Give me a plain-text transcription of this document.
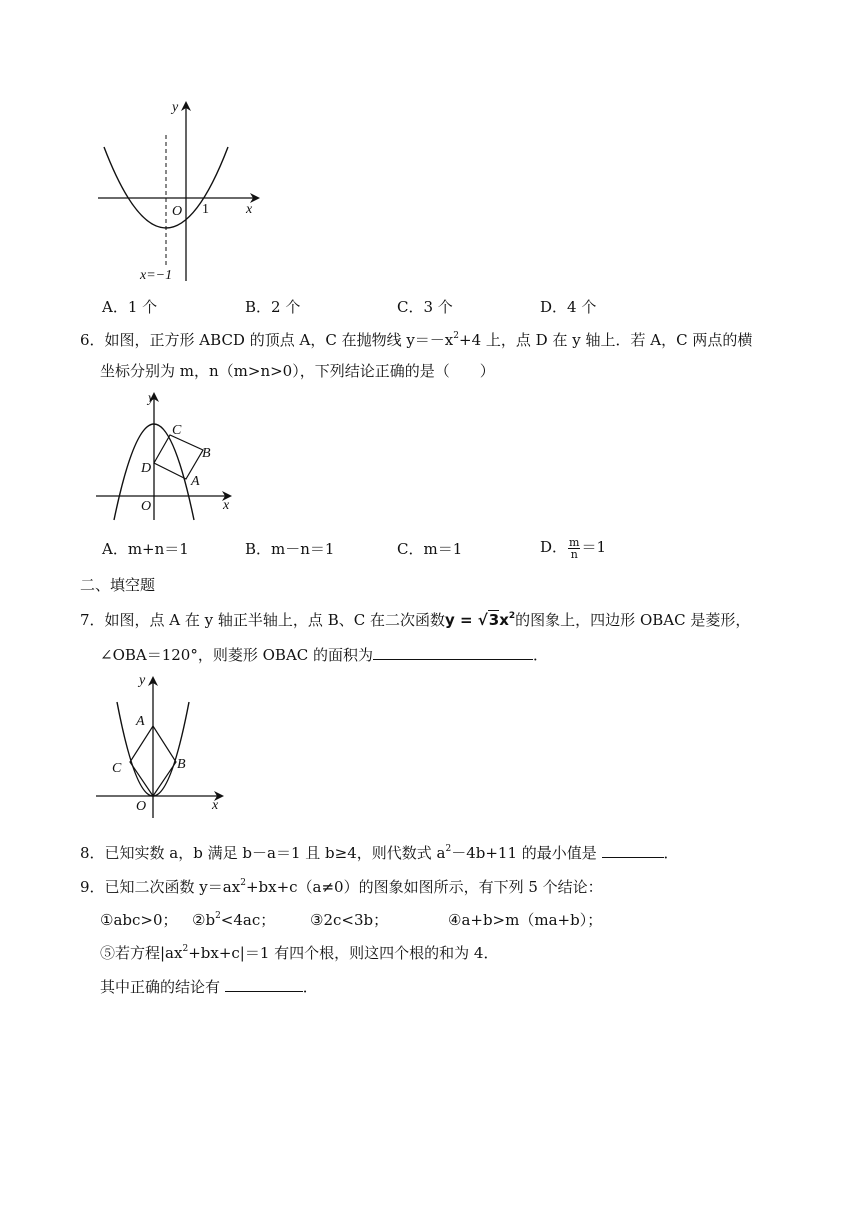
y
x
O 1
x=−1
A．1 个	B．2 个	C．3 个	D．4 个
6．如图，正方形 ABCD 的顶点 A，C 在抛物线 $y=-x^2+4$ 上，点 D 在 y 轴上．若 A，C 两点的横
坐标分别为 m，n（m>n>0），下列结论正确的是（　　）
y
x
O
A
B
C
D
A．m+n＝1	B．m－n＝1	C．m＝1	D． $\frac{m}{n} =1$
二、填空题
7．如图，点 A 在 y 轴正半轴上，点 B、C 在二次函数$y = √3x^2$的图象上，四边形 OBAC 是菱形，
∠OBA＝120°，则菱形 OBAC 的面积为	．
y
x
O
A
B
C
8．已知实数 a，b 满足 b－a＝1 且 b≥4，则代数式 $a^2-4b+11$ 的最小值是	．
9．已知二次函数 $y=ax^2+bx+c(a\ne 0)$的图象如图所示，有下列 5 个结论：
①abc>0； $②b^2<4ac$； ③2c<3b；	④a+b>m（ma+b）；
⑤若方程$|ax^2+bx+c|=1$ 有四个根，则这四个根的和为 4．
其中正确的结论有	．
